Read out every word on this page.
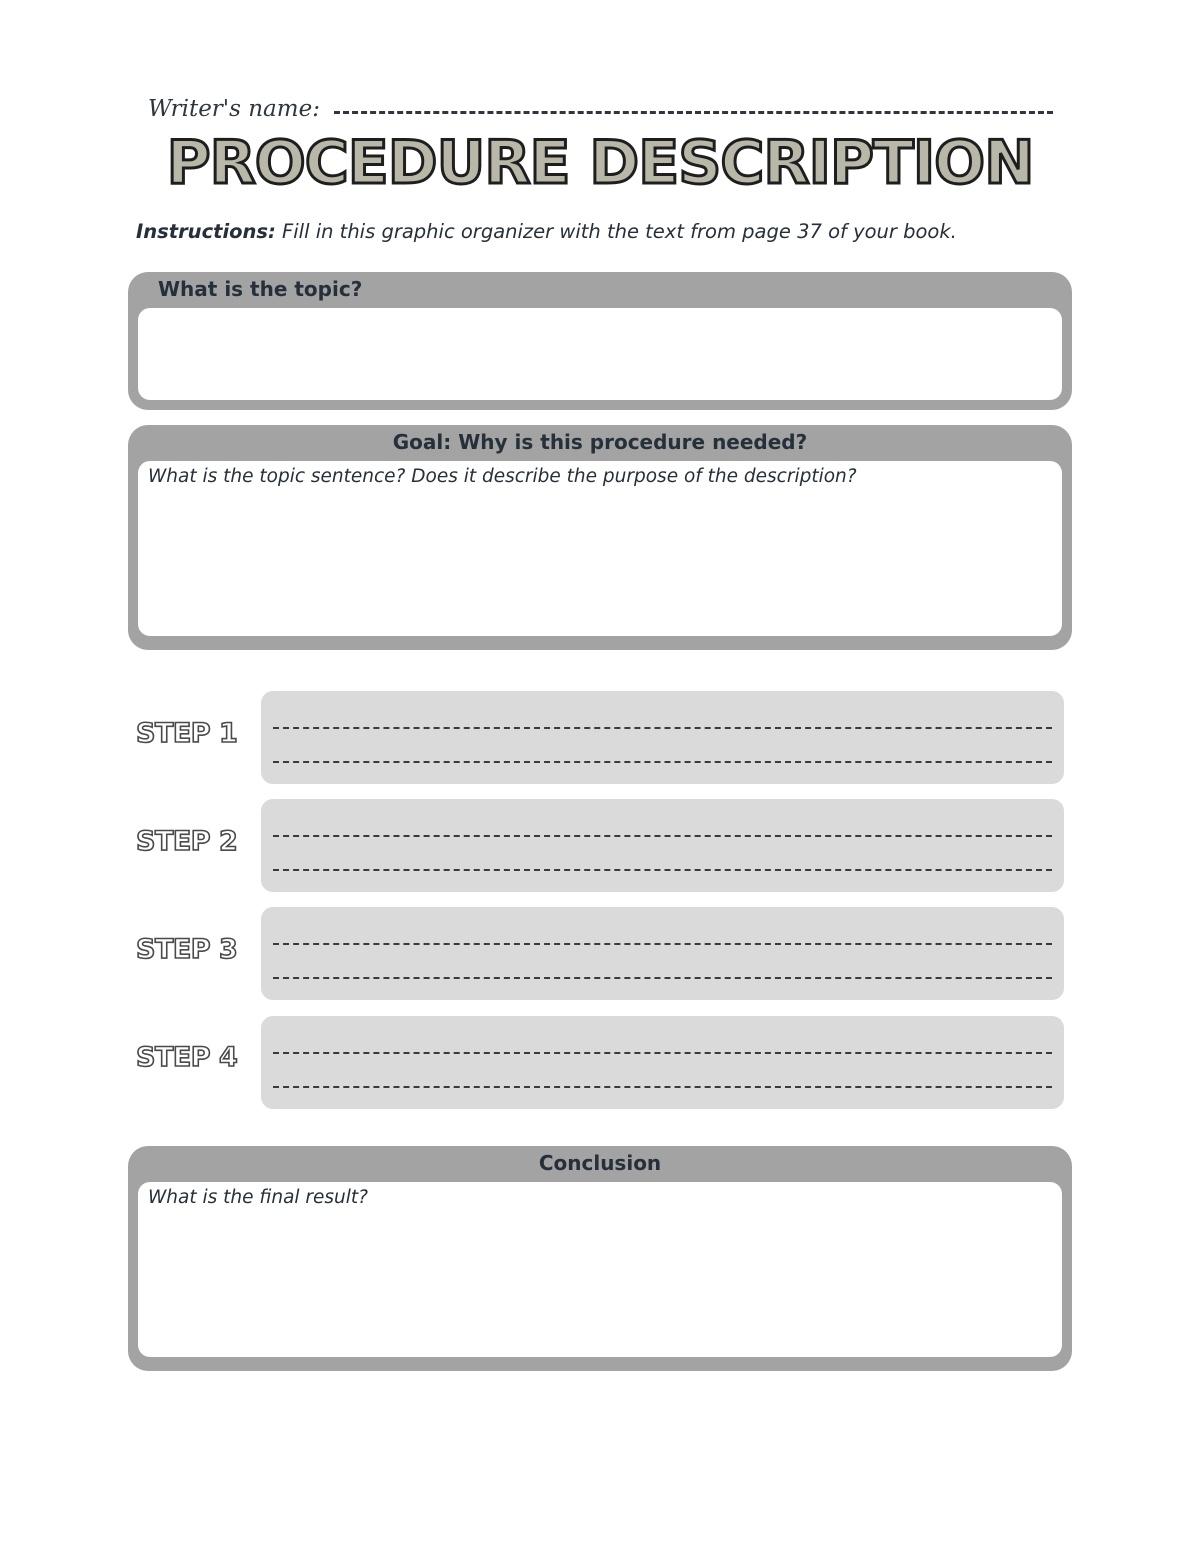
Writer's name:
PROCEDURE DESCRIPTION
Instructions: Fill in this graphic organizer with the text from page 37 of your book.
What is the topic?
Goal: Why is this procedure needed?
What is the topic sentence? Does it describe the purpose of the description?
STEP 1
STEP 2
STEP 3
STEP 4
Conclusion
What is the final result?
